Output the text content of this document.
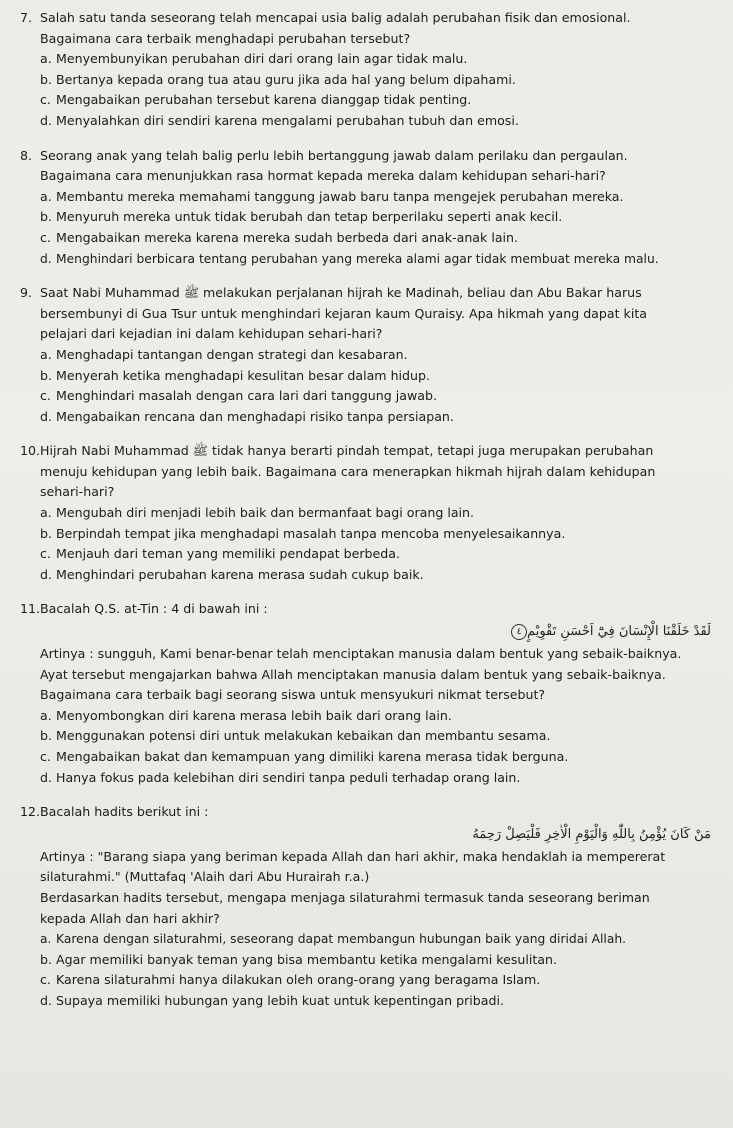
7. Salah satu tanda seseorang telah mencapai usia balig adalah perubahan fisik dan emosional.
Bagaimana cara terbaik menghadapi perubahan tersebut?
a. Menyembunyikan perubahan diri dari orang lain agar tidak malu.
b. Bertanya kepada orang tua atau guru jika ada hal yang belum dipahami.
c. Mengabaikan perubahan tersebut karena dianggap tidak penting.
d. Menyalahkan diri sendiri karena mengalami perubahan tubuh dan emosi.
8. Seorang anak yang telah balig perlu lebih bertanggung jawab dalam perilaku dan pergaulan.
Bagaimana cara menunjukkan rasa hormat kepada mereka dalam kehidupan sehari-hari?
a. Membantu mereka memahami tanggung jawab baru tanpa mengejek perubahan mereka.
b. Menyuruh mereka untuk tidak berubah dan tetap berperilaku seperti anak kecil.
c. Mengabaikan mereka karena mereka sudah berbeda dari anak-anak lain.
d. Menghindari berbicara tentang perubahan yang mereka alami agar tidak membuat mereka malu.
9. Saat Nabi Muhammad ﷺ melakukan perjalanan hijrah ke Madinah, beliau dan Abu Bakar harus
bersembunyi di Gua Tsur untuk menghindari kejaran kaum Quraisy. Apa hikmah yang dapat kita
pelajari dari kejadian ini dalam kehidupan sehari-hari?
a. Menghadapi tantangan dengan strategi dan kesabaran.
b. Menyerah ketika menghadapi kesulitan besar dalam hidup.
c. Menghindari masalah dengan cara lari dari tanggung jawab.
d. Mengabaikan rencana dan menghadapi risiko tanpa persiapan.
10.Hijrah Nabi Muhammad ﷺ tidak hanya berarti pindah tempat, tetapi juga merupakan perubahan
menuju kehidupan yang lebih baik. Bagaimana cara menerapkan hikmah hijrah dalam kehidupan
sehari-hari?
a. Mengubah diri menjadi lebih baik dan bermanfaat bagi orang lain.
b. Berpindah tempat jika menghadapi masalah tanpa mencoba menyelesaikannya.
c. Menjauh dari teman yang memiliki pendapat berbeda.
d. Menghindari perubahan karena merasa sudah cukup baik.
11.Bacalah Q.S. at-Tin : 4 di bawah ini :
لَقَدْ خَلَقْنَا الْإِنْسَانَ فِيْٓ اَحْسَنِ تَقْوِيْمٍ٤
Artinya : sungguh, Kami benar-benar telah menciptakan manusia dalam bentuk yang sebaik-baiknya.
Ayat tersebut mengajarkan bahwa Allah menciptakan manusia dalam bentuk yang sebaik-baiknya.
Bagaimana cara terbaik bagi seorang siswa untuk mensyukuri nikmat tersebut?
a. Menyombongkan diri karena merasa lebih baik dari orang lain.
b. Menggunakan potensi diri untuk melakukan kebaikan dan membantu sesama.
c. Mengabaikan bakat dan kemampuan yang dimiliki karena merasa tidak berguna.
d. Hanya fokus pada kelebihan diri sendiri tanpa peduli terhadap orang lain.
12.Bacalah hadits berikut ini :
مَنْ كَانَ يُؤْمِنُ بِاللّٰهِ وَالْيَوْمِ الْاٰخِرِ فَلْيَصِلْ رَحِمَهُ
Artinya : "Barang siapa yang beriman kepada Allah dan hari akhir, maka hendaklah ia mempererat
silaturahmi." (Muttafaq 'Alaih dari Abu Hurairah r.a.)
Berdasarkan hadits tersebut, mengapa menjaga silaturahmi termasuk tanda seseorang beriman
kepada Allah dan hari akhir?
a. Karena dengan silaturahmi, seseorang dapat membangun hubungan baik yang diridai Allah.
b. Agar memiliki banyak teman yang bisa membantu ketika mengalami kesulitan.
c. Karena silaturahmi hanya dilakukan oleh orang-orang yang beragama Islam.
d. Supaya memiliki hubungan yang lebih kuat untuk kepentingan pribadi.
